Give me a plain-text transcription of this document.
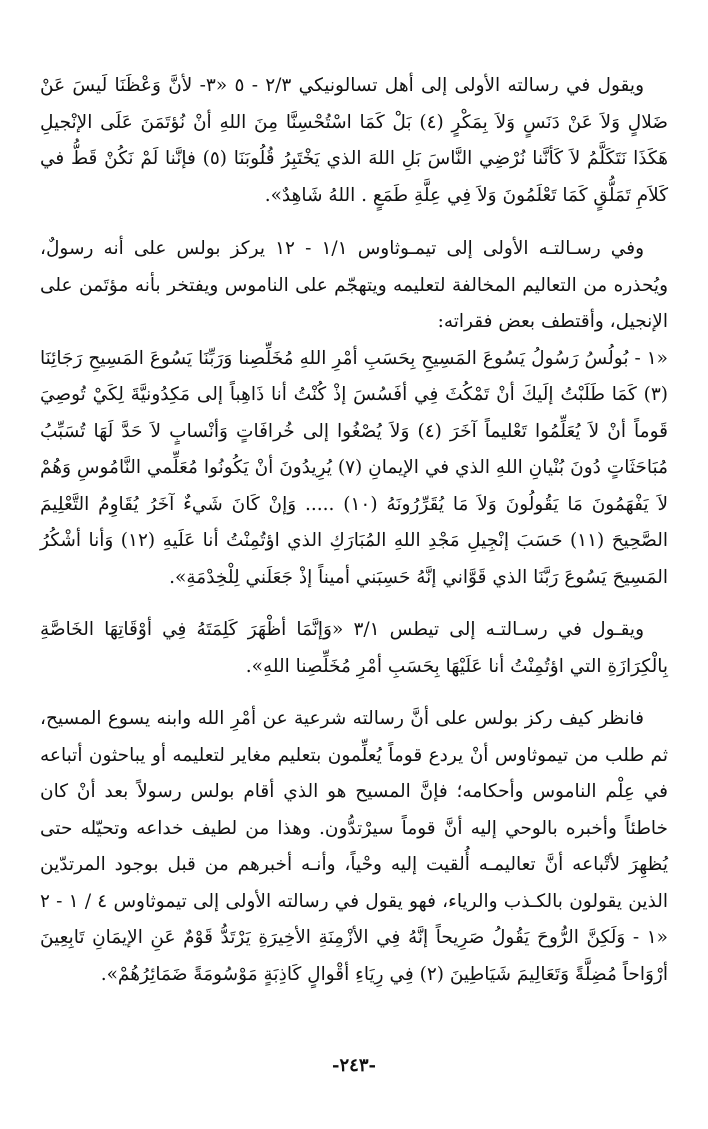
ويقول في رسالته الأولى إلى أهل تسالونيكي ٢/٣ - ٥ «٣- لأنَّ وَعْظَنَا لَيسَ عَنْ ضَلالٍ وَلاَ عَنْ دَنَسٍ وَلاَ بِمَكْرٍ (٤) بَلْ كَمَا اسْتُحْسِنَّا مِنَ اللهِ أنْ نُؤتَمَنَ عَلَى الإنْجيلِ هَكَذَا نَتَكَلَّمُ لاَ كَأنَّنا نُرْضِي النَّاسَ بَلِ اللهَ الذي يَخْتَبِرُ قُلُوبَنَا (٥) فإنَّنا لَمْ نَكُنْ قَطُّ في كَلاَمِ تَمَلُّقٍ كَمَا تَعْلَمُونَ وَلاَ فِي عِلَّةِ طَمَعٍ . اللهُ شَاهِدٌ».

وفي رسـالتـه الأولى إلى تيمـوثاوس ١/١ - ١٢ يركز بولس على أنه رسولٌ، ويُحذره من التعاليم المخالفة لتعليمه ويتهجّم على الناموس ويفتخر بأنه مؤتَمن على الإنجيل، وأقتطف بعض فقراته:

«١ - بُولُسُ رَسُولُ يَسُوعَ المَسِيحِ بِحَسَبِ أمْرِ اللهِ مُخَلِّصِنا وَرَبِّنَا يَسُوعَ المَسِيحِ رَجَائِنَا (٣) كَمَا طَلَبْتُ إلَيكَ أنْ تَمْكُثَ فِي أفَسُسَ إذْ كُنْتُ أنا ذَاهِباً إلى مَكِدُونيَّةَ لِكَيْ تُوصِيَ قَوماً أنْ لاَ يُعَلِّمُوا تَعْليماً آخَرَ (٤) وَلاَ يُصْغُوا إلى خُرافَاتٍ وَأنْسابٍ لاَ حَدَّ لَهَا تُسَبِّبُ مُبَاحَثَاتٍ دُونَ بُنْيانِ اللهِ الذي في الإيمانِ (٧) يُرِيدُونَ أنْ يَكُونُوا مُعَلِّمي النَّامُوسِ وَهُمْ لاَ يَفْهَمُونَ مَا يَقُولُونَ وَلاَ مَا يُقَرِّرُونَهُ (١٠) ..... وَإنْ كَانَ شَيءٌ آخَرُ يُقَاوِمُ التَّعْلِيمَ الصَّحِيحَ (١١) حَسَبَ إنْجِيلِ مَجْدِ اللهِ المُبَارَكِ الذي اؤتُمِنْتُ أنا عَلَيهِ (١٢) وَأنا أشْكُرُ المَسِيحَ يَسُوعَ رَبَّنَا الذي قَوَّاني إنَّهُ حَسِبَني أميناً إذْ جَعَلَني لِلْخِدْمَةِ».

ويقـول في رسـالتـه إلى تيطس ٣/١ «وَإنَّمَا أظْهَرَ كَلِمَتَهُ فِي أوْقَاتِهَا الخَاصَّةِ بِالْكِرَازَةِ التي اؤتُمِنْتُ أنا عَلَيْهَا بِحَسَبِ أمْرِ مُخَلِّصِنا اللهِ».

فانظر كيف ركز بولس على أنَّ رسالته شرعية عن أمْرِ الله وابنه يسوع المسيح، ثم طلب من تيموثاوس أنْ يردع قوماً يُعلِّمون بتعليم مغاير لتعليمه أو يباحثون أتباعه في عِلْم الناموس وأحكامه؛ فإنَّ المسيح هو الذي أقام بولس رسولاً بعد أنْ كان خاطئاً وأخبره بالوحي إليه أنَّ قوماً سيرْتدُّون. وهذا من لطيف خداعه وتحيّله حتى يُظهِرَ لأتْباعه أنَّ تعاليمـه أُلقيت إليه وحْياً، وأنـه أخبرهم من قبل بوجود المرتدّين الذين يقولون بالكـذب والرياء، فهو يقول في رسالته الأولى إلى تيموثاوس ٤ / ١ - ٢ «١ - وَلَكِنَّ الرُّوحَ يَقُولُ صَرِيحاً إنَّهُ فِي الأزْمِنَةِ الأخِيرَةِ يَرْتَدُّ قَوْمٌ عَنِ الإيمَانِ تَابِعِينَ أرْوَاحاً مُضِلَّةً وَتَعَالِيمَ شَيَاطِينَ (٢) فِي رِيَاءِ أقْوالٍ كَاذِبَةٍ مَوْسُومَةً ضَمَائِرُهُمْ».

-٢٤٣-
